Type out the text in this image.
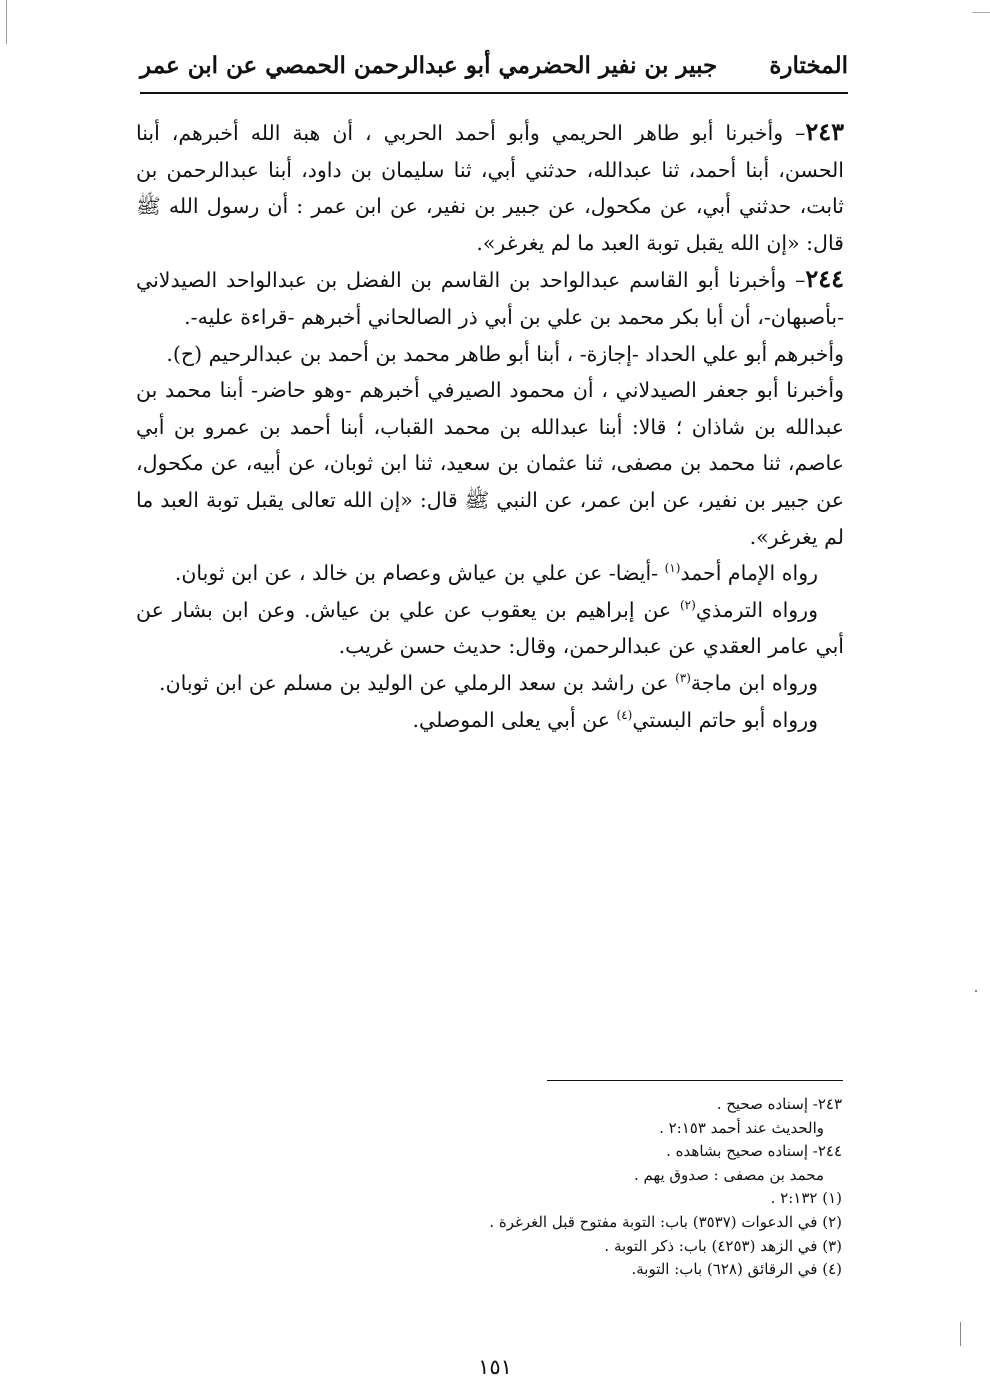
المختارة
جبير بن نفير الحضرمي أبو عبدالرحمن الحمصي عن ابن عمر

٢٤٣– وأخبرنا أبو طاهر الحريمي وأبو أحمد الحربي ، أن هبة الله أخبرهم، أبنا الحسن، أبنا أحمد، ثنا عبدالله، حدثني أبي، ثنا سليمان بن داود، أبنا عبدالرحمن بن ثابت، حدثني أبي، عن مكحول، عن جبير بن نفير، عن ابن عمر : أن رسول الله ﷺ قال: «إن الله يقبل توبة العبد ما لم يغرغر».

٢٤٤– وأخبرنا أبو القاسم عبدالواحد بن القاسم بن الفضل بن عبدالواحد الصيدلاني -بأصبهان-، أن أبا بكر محمد بن علي بن أبي ذر الصالحاني أخبرهم -قراءة عليه-.

وأخبرهم أبو علي الحداد -إجازة- ، أبنا أبو طاهر محمد بن أحمد بن عبدالرحيم (ح).

وأخبرنا أبو جعفر الصيدلاني ، أن محمود الصيرفي أخبرهم -وهو حاضر- أبنا محمد بن عبدالله بن شاذان ؛ قالا: أبنا عبدالله بن محمد القباب، أبنا أحمد بن عمرو بن أبي عاصم، ثنا محمد بن مصفى، ثنا عثمان بن سعيد، ثنا ابن ثوبان، عن أبيه، عن مكحول، عن جبير بن نفير، عن ابن عمر، عن النبي ﷺ قال: «إن الله تعالى يقبل توبة العبد ما لم يغرغر».

رواه الإمام أحمد$^{(١)}$ -أيضا- عن علي بن عياش وعصام بن خالد ، عن ابن ثوبان.

ورواه الترمذي$^{(٢)}$ عن إبراهيم بن يعقوب عن علي بن عياش. وعن ابن بشار عن أبي عامر العقدي عن عبدالرحمن، وقال: حديث حسن غريب.

ورواه ابن ماجة$^{(٣)}$ عن راشد بن سعد الرملي عن الوليد بن مسلم عن ابن ثوبان.

ورواه أبو حاتم البستي$^{(٤)}$ عن أبي يعلى الموصلي.

٢٤٣- إسناده صحيح .

والحديث عند أحمد ٢:١٥٣ .

٢٤٤- إسناده صحيح بشاهده .

محمد بن مصفى : صدوق يهم .

(١) ٢:١٣٢ .

(٢) في الدعوات (٣٥٣٧) باب: التوبة مفتوح قبل الغرغرة .

(٣) في الزهد (٤٢٥٣) باب: ذكر التوبة .

(٤) في الرقائق (٦٢٨) باب: التوبة.

١٥١
